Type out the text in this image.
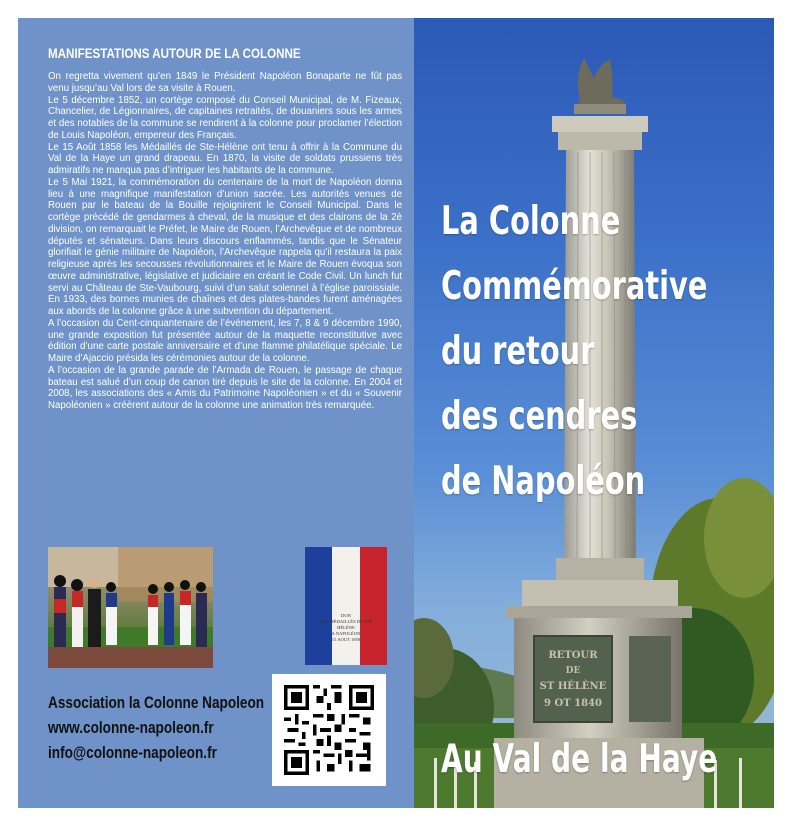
MANIFESTATIONS AUTOUR DE LA COLONNE

On regretta vivement qu’en 1849 le Président Napoléon Bonaparte ne fût pas venu jusqu’au Val lors de sa visite à Rouen.

Le 5 décembre 1852, un cortège composé du Conseil Municipal, de M. Fizeaux, Chancelier, de Légionnaires, de capitaines retraités, de douaniers sous les armes et des notables de la commune se rendirent à la colonne pour proclamer l’élection de Louis Napoléon, empereur des Français.

Le 15 Août 1858 les Médaillés de Ste-Hélène ont tenu à offrir à la Commune du Val de la Haye un grand drapeau. En 1870, la visite de soldats prussiens très admiratifs ne manqua pas d’intriguer les habitants de la commune.

Le 5 Mai 1921, la commémoration du centenaire de la mort de Napoléon donna lieu à une magnifique manifestation d’union sacrée. Les autorités venues de Rouen par le bateau de la Bouille rejoignirent le Conseil Municipal. Dans le cortège précédé de gendarmes à cheval, de la musique et des clairons de la 2è division, on remarquait le Préfet, le Maire de Rouen, l’Archevêque et de nombreux députés et sénateurs. Dans leurs discours enflammés, tandis que le Sénateur glorifiait le génie militaire de Napoléon, l’Archevêque rappela qu’il restaura la paix religieuse après les secousses révolutionnaires et le Maire de Rouen évoqua son œuvre administrative, législative et judiciaire en créant le Code Civil. Un lunch fut servi au Château de Ste-Vaubourg, suivi d’un salut solennel à l’église paroissiale. En 1933, des bornes munies de chaînes et des plates-bandes furent aménagées aux abords de la colonne grâce à une subvention du département.

A l’occasion du Cent-cinquantenaire de l’événement, les 7, 8 & 9 décembre 1990, une grande exposition fut présentée autour de la maquette reconstitutive avec édition d’une carte postale anniversaire et d’une flamme philatélique spéciale. Le Maire d’Ajaccio présida les cérémonies autour de la colonne.

A l’occasion de la grande parade de l’Armada de Rouen, le passage de chaque bateau est salué d’un coup de canon tiré depuis le site de la colonne. En 2004 et 2008, les associations des « Amis du Patrimoine Napoléonien » et du « Souvenir Napoléonien » créèrent autour de la colonne une animation très remarquée.

DON
DES MÉDAILLÉS DE STE HÉLÈNE
A NAPOLÉON
15 AOUT 1858
Association la Colonne Napoleon
www.colonne-napoleon.fr
info@colonne-napoleon.fr
RETOUR
DE
ST HÉLÈNE
9 OT 1840
La Colonne
Commémorative
du retour
des cendres
de Napoléon
Au Val de la Haye
